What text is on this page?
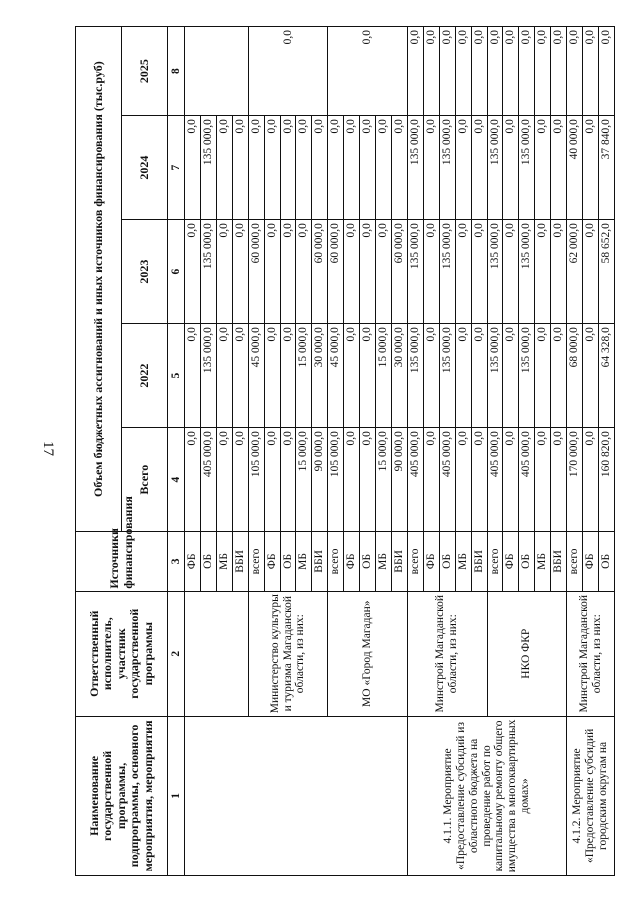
17
Наименование государственной программы, подпрограммы, основного мероприятия, мероприятия	Ответственный исполнитель, участник государственной программы	Источники финансирования	Объем бюджетных ассигнований и иных источников финансирования (тыс.руб)				
			Всего	2022	2023	2024	2025
1	2	3	4	5	6	7	8
		ФБ	0,0	0,0	0,0	0,0	
		ОБ	405 000,0	135 000,0	135 000,0	135 000,0	
		МБ	0,0	0,0	0,0	0,0	
		ВБИ	0,0	0,0	0,0	0,0	
	Министерство культуры и туризма Магаданской области, из них:	всего	105 000,0	45 000,0	60 000,0	0,0	0,0
		ФБ	0,0	0,0	0,0	0,0	
		ОБ	0,0	0,0	0,0	0,0	
		МБ	15 000,0	15 000,0	0,0	0,0	
		ВБИ	90 000,0	30 000,0	60 000,0	0,0	
	МО «Город Магадан»	всего	105 000,0	45 000,0	60 000,0	0,0	0,0
		ФБ	0,0	0,0	0,0	0,0	
		ОБ	0,0	0,0	0,0	0,0	
		МБ	15 000,0	15 000,0	0,0	0,0	
		ВБИ	90 000,0	30 000,0	60 000,0	0,0	
4.1.1. Мероприятие «Предоставление субсидий из областного бюджета на проведение работ по капитальному ремонту общего имущества в многоквартирных домах»	Минстрой Магаданской области, из них:	всего	405 000,0	135 000,0	135 000,0	135 000,0	0,0
		ФБ	0,0	0,0	0,0	0,0	0,0
		ОБ	405 000,0	135 000,0	135 000,0	135 000,0	0,0
		МБ	0,0	0,0	0,0	0,0	0,0
		ВБИ	0,0	0,0	0,0	0,0	0,0
	НКО ФКР	всего	405 000,0	135 000,0	135 000,0	135 000,0	0,0
		ФБ	0,0	0,0	0,0	0,0	0,0
		ОБ	405 000,0	135 000,0	135 000,0	135 000,0	0,0
		МБ	0,0	0,0	0,0	0,0	0,0
		ВБИ	0,0	0,0	0,0	0,0	0,0
4.1.2. Мероприятие «Предоставление субсидий городским округам на	Минстрой Магаданской области, из них:	всего	170 000,0	68 000,0	62 000,0	40 000,0	0,0
		ФБ	0,0	0,0	0,0	0,0	0,0
		ОБ	160 820,0	64 328,0	58 652,0	37 840,0	0,0
